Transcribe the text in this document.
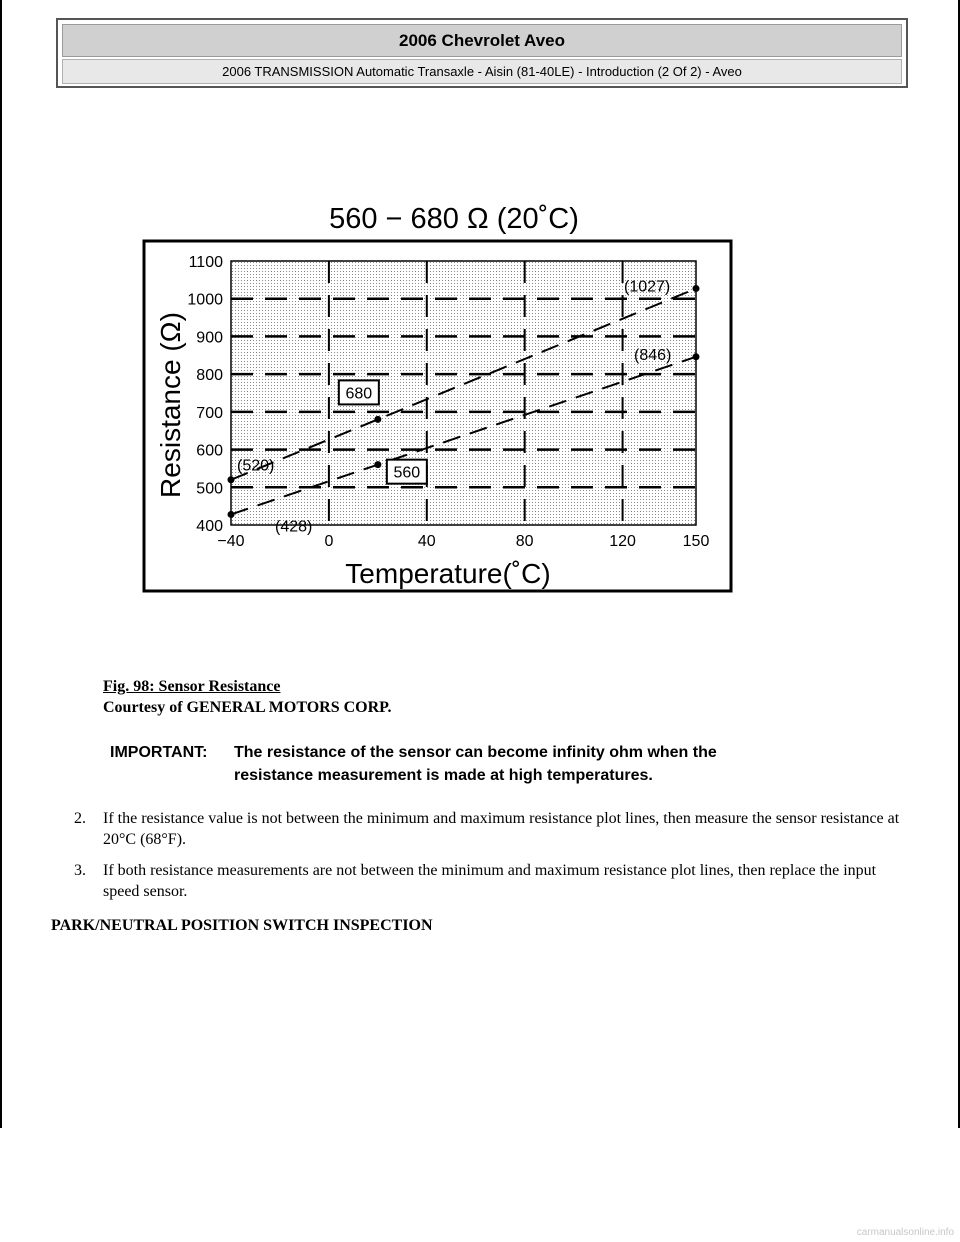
2006 Chevrolet Aveo
2006 TRANSMISSION Automatic Transaxle - Aisin (81-40LE) - Introduction (2 Of 2) - Aveo
560 − 680 Ω (20˚C)
400
500
600
700
800
900
1000
1100
−40	0	40	80	120	150
(1027)
(846)
(520)
(428)
680
560
Resistance (Ω)
Temperature(˚C)
Fig. 98: Sensor Resistance
Courtesy of GENERAL MOTORS CORP.
IMPORTANT: The resistance of the sensor can become infinity ohm when the
resistance measurement is made at high temperatures.
2.	If the resistance value is not between the minimum and maximum resistance plot lines, then measure the sensor resistance at 20°C (68°F).
3.	If both resistance measurements are not between the minimum and maximum resistance plot lines, then replace the input speed sensor.
PARK/NEUTRAL POSITION SWITCH INSPECTION
carmanualsonline.info
